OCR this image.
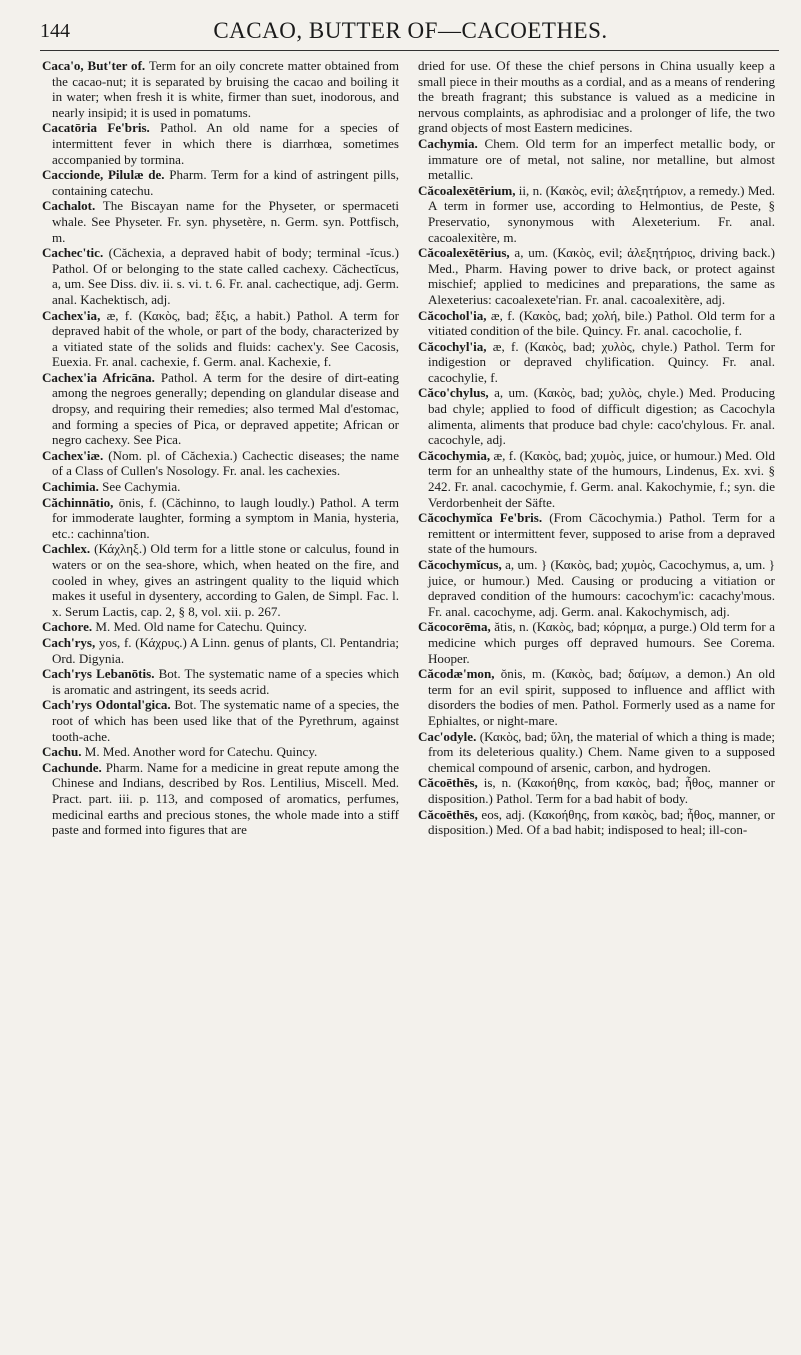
144	CACAO, BUTTER OF—CACOETHES.

Caca'o, But'ter of. Term for an oily concrete matter obtained from the cacao-nut; it is separated by bruising the cacao and boiling it in water; when fresh it is white, firmer than suet, inodorous, and nearly insipid; it is used in pomatums.

Cacatōria Fe'bris. Pathol. An old name for a species of intermittent fever in which there is diarrhœa, sometimes accompanied by tormina.

Caccionde, Pilulæ de. Pharm. Term for a kind of astringent pills, containing catechu.

Cachalot. The Biscayan name for the Physeter, or spermaceti whale. See Physeter. Fr. syn. physetère, n. Germ. syn. Pottfisch, m.

Cachec'tic. (Căchexia, a depraved habit of body; terminal -ĭcus.) Pathol. Of or belonging to the state called cachexy. Căchectĭcus, a, um. See Diss. div. ii. s. vi. t. 6. Fr. anal. cachectique, adj. Germ. anal. Kachektisch, adj.

Cachex'ia, æ, f. (Κακὸς, bad; ἕξις, a habit.) Pathol. A term for depraved habit of the whole, or part of the body, characterized by a vitiated state of the solids and fluids: cachex'y. See Cacosis, Euexia. Fr. anal. cachexie, f. Germ. anal. Kachexie, f.

Cachex'ia Africāna. Pathol. A term for the desire of dirt-eating among the negroes generally; depending on glandular disease and dropsy, and requiring their remedies; also termed Mal d'estomac, and forming a species of Pica, or depraved appetite; African or negro cachexy. See Pica.

Cachex'iæ. (Nom. pl. of Căchexia.) Cachectic diseases; the name of a Class of Cullen's Nosology. Fr. anal. les cachexies.

Cachimia. See Cachymia.

Căchinnātio, ōnis, f. (Căchinno, to laugh loudly.) Pathol. A term for immoderate laughter, forming a symptom in Mania, hysteria, etc.: cachinna'tion.

Cachlex. (Κάχληξ.) Old term for a little stone or calculus, found in waters or on the sea-shore, which, when heated on the fire, and cooled in whey, gives an astringent quality to the liquid which makes it useful in dysentery, according to Galen, de Simpl. Fac. l. x. Serum Lactis, cap. 2, § 8, vol. xii. p. 267.

Cachore. M. Med. Old name for Catechu. Quincy.

Cach'rys, yos, f. (Κάχρυς.) A Linn. genus of plants, Cl. Pentandria; Ord. Digynia.

Cach'rys Lebanōtis. Bot. The systematic name of a species which is aromatic and astringent, its seeds acrid.

Cach'rys Odontal'gica. Bot. The systematic name of a species, the root of which has been used like that of the Pyrethrum, against tooth-ache.

Cachu. M. Med. Another word for Catechu. Quincy.

Cachunde. Pharm. Name for a medicine in great repute among the Chinese and Indians, described by Ros. Lentilius, Miscell. Med. Pract. part. iii. p. 113, and composed of aromatics, perfumes, medicinal earths and precious stones, the whole made into a stiff paste and formed into figures that are

dried for use. Of these the chief persons in China usually keep a small piece in their mouths as a cordial, and as a means of rendering the breath fragrant; this substance is valued as a medicine in nervous complaints, as aphrodisiac and a prolonger of life, the two grand objects of most Eastern medicines.

Cachymia. Chem. Old term for an imperfect metallic body, or immature ore of metal, not saline, nor metalline, but almost metallic.

Căcoalexētērium, ii, n. (Κακὸς, evil; ἀλεξητήριον, a remedy.) Med. A term in former use, according to Helmontius, de Peste, § Preservatio, synonymous with Alexeterium. Fr. anal. cacoalexitère, m.

Căcoalexētērius, a, um. (Κακὸς, evil; ἀλεξητήριος, driving back.) Med., Pharm. Having power to drive back, or protect against mischief; applied to medicines and preparations, the same as Alexeterius: cacoalexete'rian. Fr. anal. cacoalexitère, adj.

Căcochol'ia, æ, f. (Κακὸς, bad; χολή, bile.) Pathol. Old term for a vitiated condition of the bile. Quincy. Fr. anal. cacocholie, f.

Căcochyl'ia, æ, f. (Κακὸς, bad; χυλὸς, chyle.) Pathol. Term for indigestion or depraved chylification. Quincy. Fr. anal. cacochylie, f.

Căco'chylus, a, um. (Κακὸς, bad; χυλὸς, chyle.) Med. Producing bad chyle; applied to food of difficult digestion; as Cacochyla alimenta, aliments that produce bad chyle: caco'chylous. Fr. anal. cacochyle, adj.

Căcochymia, æ, f. (Κακὸς, bad; χυμὸς, juice, or humour.) Med. Old term for an unhealthy state of the humours, Lindenus, Ex. xvi. § 242. Fr. anal. cacochymie, f. Germ. anal. Kakochymie, f.; syn. die Verdorbenheit der Säfte.

Căcochymĭca Fe'bris. (From Căcochymia.) Pathol. Term for a remittent or intermittent fever, supposed to arise from a depraved state of the humours.

Căcochymĭcus, a, um. } (Κακὸς, bad; χυμὸς, Cacochymus, a, um. } juice, or humour.) Med. Causing or producing a vitiation or depraved condition of the humours: cacochym'ic: cacachy'mous. Fr. anal. cacochyme, adj. Germ. anal. Kakochymisch, adj.

Căcocorēma, ătis, n. (Κακὸς, bad; κόρημα, a purge.) Old term for a medicine which purges off depraved humours. See Corema. Hooper.

Căcodæ'mon, ŏnis, m. (Κακὸς, bad; δαίμων, a demon.) An old term for an evil spirit, supposed to influence and afflict with disorders the bodies of men. Pathol. Formerly used as a name for Ephialtes, or night-mare.

Cac'odyle. (Κακὸς, bad; ὕλη, the material of which a thing is made; from its deleterious quality.) Chem. Name given to a supposed chemical compound of arsenic, carbon, and hydrogen.

Căcoēthēs, is, n. (Κακοήθης, from κακὸς, bad; ἦθος, manner or disposition.) Pathol. Term for a bad habit of body.

Căcoēthēs, eos, adj. (Κακοήθης, from κακὸς, bad; ἦθος, manner, or disposition.) Med. Of a bad habit; indisposed to heal; ill-con-
